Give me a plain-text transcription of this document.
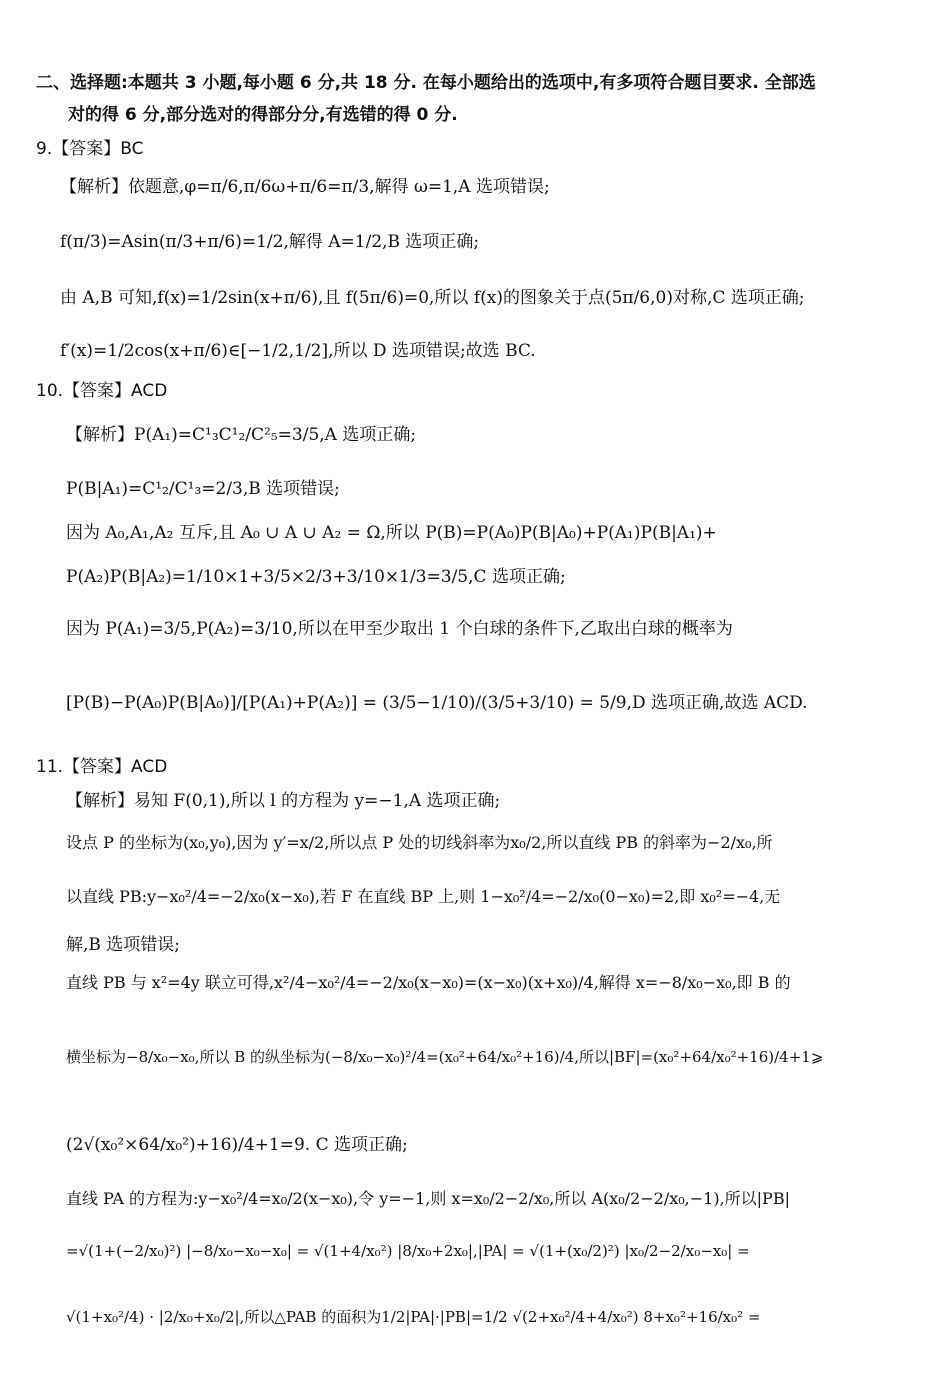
二、选择题:本题共 3 小题,每小题 6 分,共 18 分. 在每小题给出的选项中,有多项符合题目要求. 全部选
对的得 6 分,部分选对的得部分分,有选错的得 0 分.
9.【答案】BC
【解析】依题意,φ=π/6,π/6ω+π/6=π/3,解得 ω=1,A 选项错误;
f(π/3)=Asin(π/3+π/6)=1/2,解得 A=1/2,B 选项正确;
由 A,B 可知,f(x)=1/2sin(x+π/6),且 f(5π/6)=0,所以 f(x)的图象关于点(5π/6,0)对称,C 选项正确;
f′(x)=1/2cos(x+π/6)∈[−1/2,1/2],所以 D 选项错误;故选 BC.
10.【答案】ACD
【解析】P(A₁)=C¹₃C¹₂/C²₅=3/5,A 选项正确;
P(B|A₁)=C¹₂/C¹₃=2/3,B 选项错误;
因为 A₀,A₁,A₂ 互斥,且 A₀ ∪ A ∪ A₂ = Ω,所以 P(B)=P(A₀)P(B|A₀)+P(A₁)P(B|A₁)+
P(A₂)P(B|A₂)=1/10×1+3/5×2/3+3/10×1/3=3/5,C 选项正确;
因为 P(A₁)=3/5,P(A₂)=3/10,所以在甲至少取出 1 个白球的条件下,乙取出白球的概率为
[P(B)−P(A₀)P(B|A₀)]/[P(A₁)+P(A₂)] = (3/5−1/10)/(3/5+3/10) = 5/9,D 选项正确,故选 ACD.
11.【答案】ACD
【解析】易知 F(0,1),所以 l 的方程为 y=−1,A 选项正确;
设点 P 的坐标为(x₀,y₀),因为 y′=x/2,所以点 P 处的切线斜率为x₀/2,所以直线 PB 的斜率为−2/x₀,所
以直线 PB:y−x₀²/4=−2/x₀(x−x₀),若 F 在直线 BP 上,则 1−x₀²/4=−2/x₀(0−x₀)=2,即 x₀²=−4,无
解,B 选项错误;
直线 PB 与 x²=4y 联立可得,x²/4−x₀²/4=−2/x₀(x−x₀)=(x−x₀)(x+x₀)/4,解得 x=−8/x₀−x₀,即 B 的
横坐标为−8/x₀−x₀,所以 B 的纵坐标为(−8/x₀−x₀)²/4=(x₀²+64/x₀²+16)/4,所以|BF|=(x₀²+64/x₀²+16)/4+1⩾
(2√(x₀²×64/x₀²)+16)/4+1=9. C 选项正确;
直线 PA 的方程为:y−x₀²/4=x₀/2(x−x₀),令 y=−1,则 x=x₀/2−2/x₀,所以 A(x₀/2−2/x₀,−1),所以|PB|
=√(1+(−2/x₀)²) |−8/x₀−x₀−x₀| = √(1+4/x₀²) |8/x₀+2x₀|,|PA| = √(1+(x₀/2)²) |x₀/2−2/x₀−x₀| =
√(1+x₀²/4) · |2/x₀+x₀/2|,所以△PAB 的面积为1/2|PA|·|PB|=1/2 √(2+x₀²/4+4/x₀²) 8+x₀²+16/x₀² =
